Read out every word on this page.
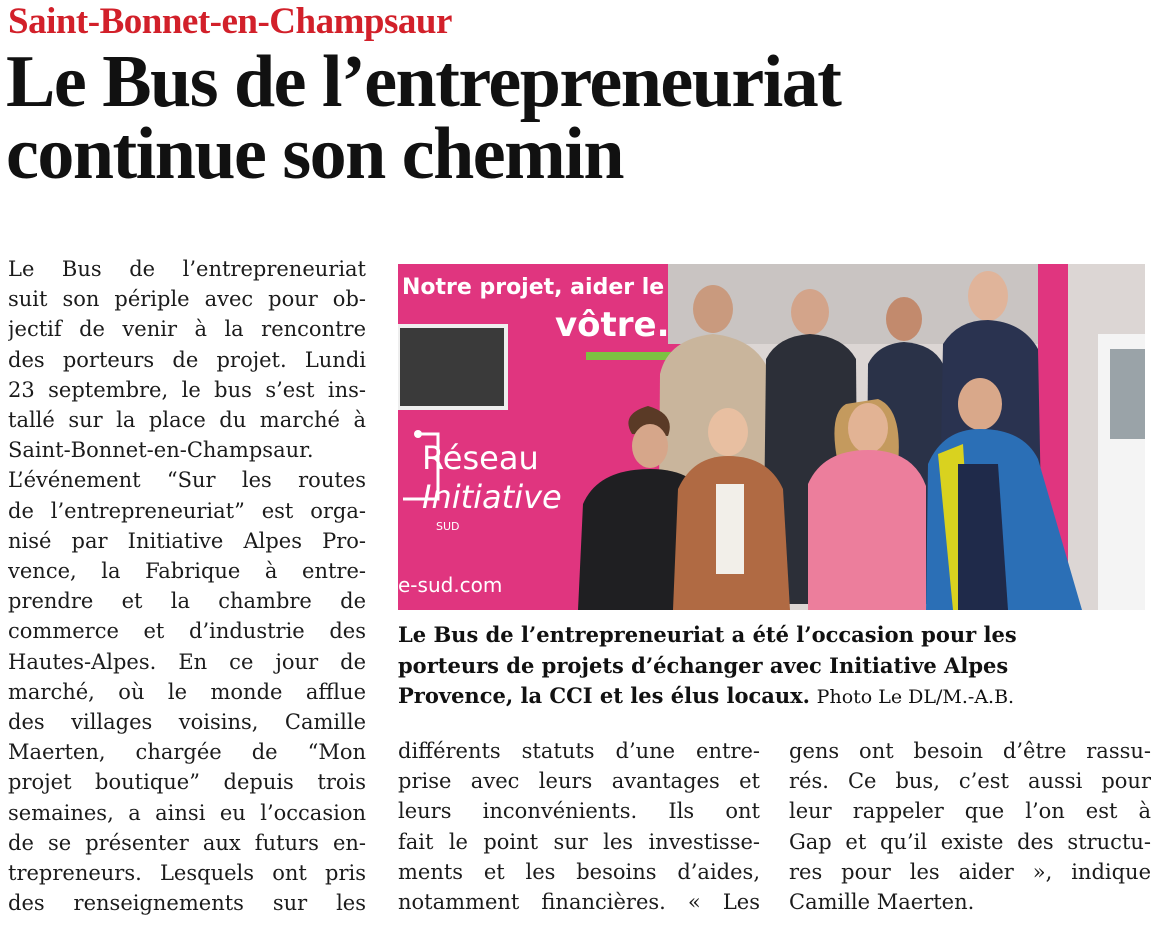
Saint-Bonnet-en-Champsaur
Le Bus de l’entrepreneuriat
continue son chemin
Le Bus de l’entrepreneuriat
suit son périple avec pour ob-
jectif de venir à la rencontre
des porteurs de projet. Lundi
23 septembre, le bus s’est ins-
tallé sur la place du marché à
Saint-Bonnet-en-Champsaur.
L’événement “Sur les routes
de l’entrepreneuriat” est orga-
nisé par Initiative Alpes Pro-
vence, la Fabrique à entre-
prendre et la chambre de
commerce et d’industrie des
Hautes-Alpes. En ce jour de
marché, où le monde afflue
des villages voisins, Camille
Maerten, chargée de “Mon
projet boutique” depuis trois
semaines, a ainsi eu l’occasion
de se présenter aux futurs en-
trepreneurs. Lesquels ont pris
des renseignements sur les
Notre projet, aider le
vôtre.
Réseau
Initiative
SUD
e-sud.com
Le Bus de l’entrepreneuriat a été l’occasion pour les
porteurs de projets d’échanger avec Initiative Alpes
Provence, la CCI et les élus locaux. Photo Le DL/M.-A.B.
différents statuts d’une entre-
prise avec leurs avantages et
leurs inconvénients. Ils ont
fait le point sur les investisse-
ments et les besoins d’aides,
notamment financières. « Les
gens ont besoin d’être rassu-
rés. Ce bus, c’est aussi pour
leur rappeler que l’on est à
Gap et qu’il existe des structu-
res pour les aider », indique
Camille Maerten.
